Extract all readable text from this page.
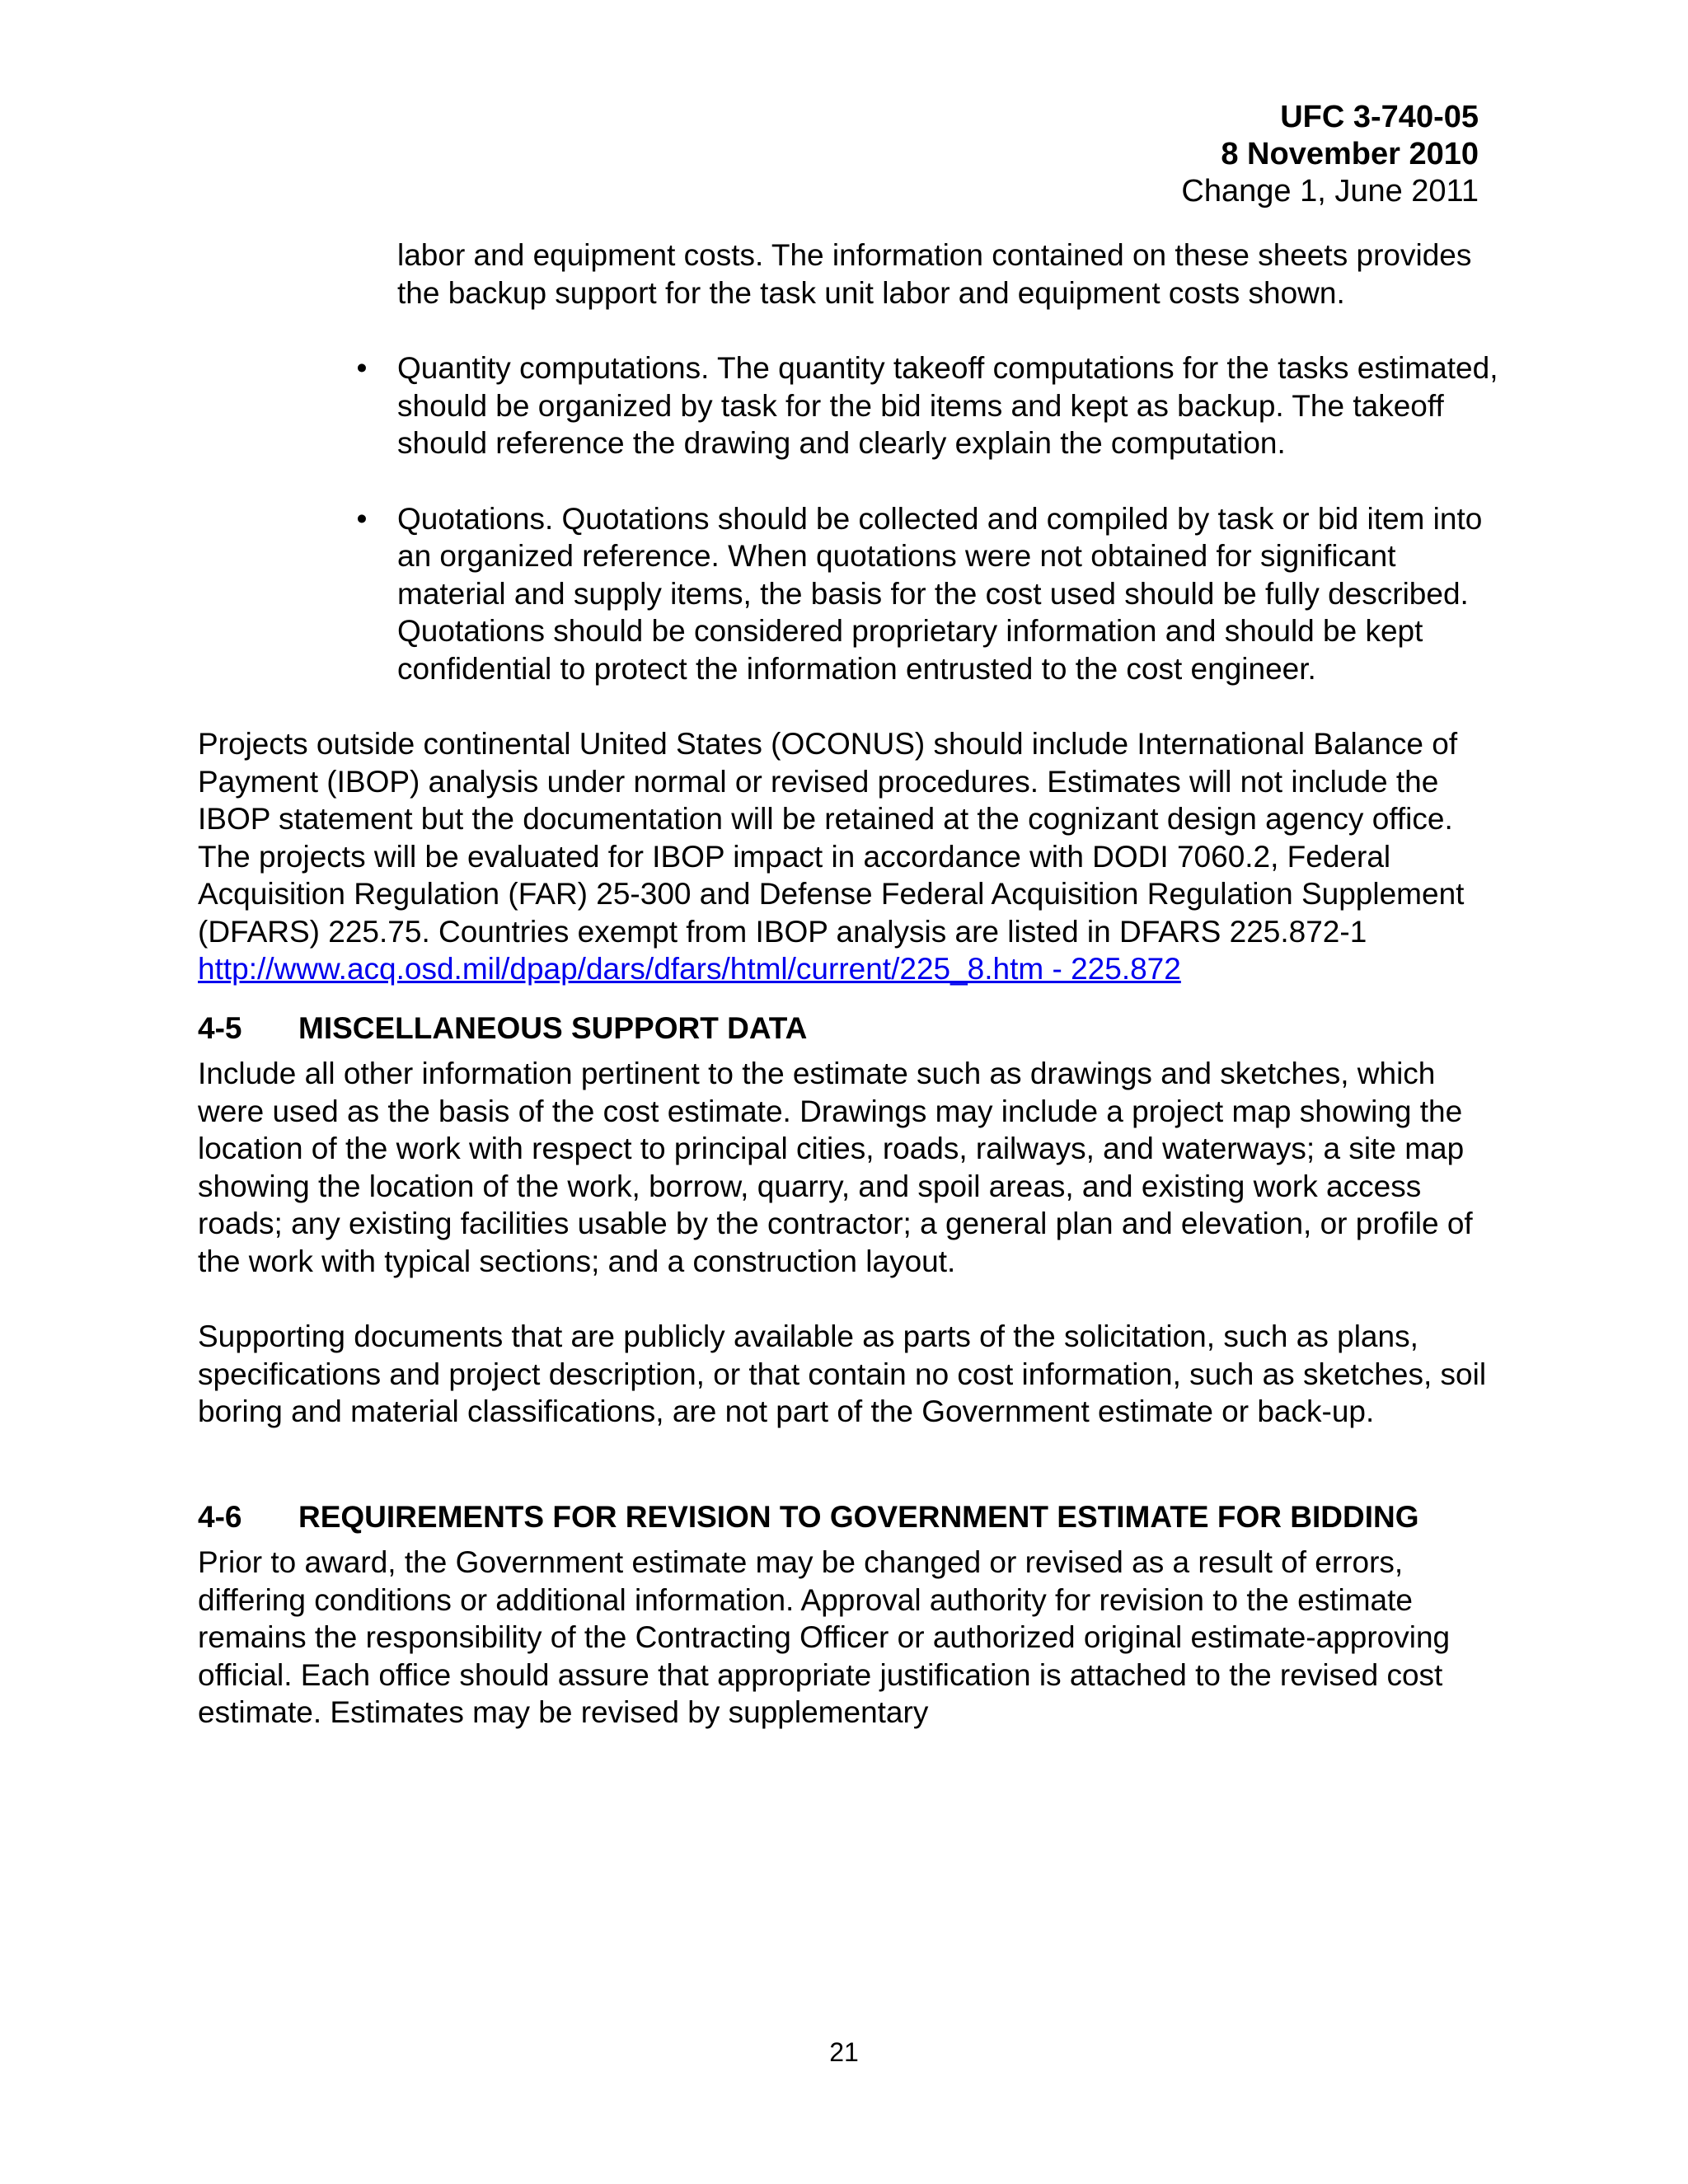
UFC 3-740-05
8 November 2010
Change 1, June 2011

labor and equipment costs. The information contained on these sheets provides the backup support for the task unit labor and equipment costs shown.

• Quantity computations. The quantity takeoff computations for the tasks estimated, should be organized by task for the bid items and kept as backup. The takeoff should reference the drawing and clearly explain the computation.
• Quotations. Quotations should be collected and compiled by task or bid item into an organized reference. When quotations were not obtained for significant material and supply items, the basis for the cost used should be fully described. Quotations should be considered proprietary information and should be kept confidential to protect the information entrusted to the cost engineer.

Projects outside continental United States (OCONUS) should include International Balance of Payment (IBOP) analysis under normal or revised procedures. Estimates will not include the IBOP statement but the documentation will be retained at the cognizant design agency office. The projects will be evaluated for IBOP impact in accordance with DODI 7060.2, Federal Acquisition Regulation (FAR) 25-300 and Defense Federal Acquisition Regulation Supplement (DFARS) 225.75. Countries exempt from IBOP analysis are listed in DFARS 225.872-1
http://www.acq.osd.mil/dpap/dars/dfars/html/current/225_8.htm - 225.872

4-5 MISCELLANEOUS SUPPORT DATA

Include all other information pertinent to the estimate such as drawings and sketches, which were used as the basis of the cost estimate. Drawings may include a project map showing the location of the work with respect to principal cities, roads, railways, and waterways; a site map showing the location of the work, borrow, quarry, and spoil areas, and existing work access roads; any existing facilities usable by the contractor; a general plan and elevation, or profile of the work with typical sections; and a construction layout.

Supporting documents that are publicly available as parts of the solicitation, such as plans, specifications and project description, or that contain no cost information, such as sketches, soil boring and material classifications, are not part of the Government estimate or back-up.

4-6 REQUIREMENTS FOR REVISION TO GOVERNMENT ESTIMATE FOR BIDDING

Prior to award, the Government estimate may be changed or revised as a result of errors, differing conditions or additional information. Approval authority for revision to the estimate remains the responsibility of the Contracting Officer or authorized original estimate-approving official. Each office should assure that appropriate justification is attached to the revised cost estimate. Estimates may be revised by supplementary

21
